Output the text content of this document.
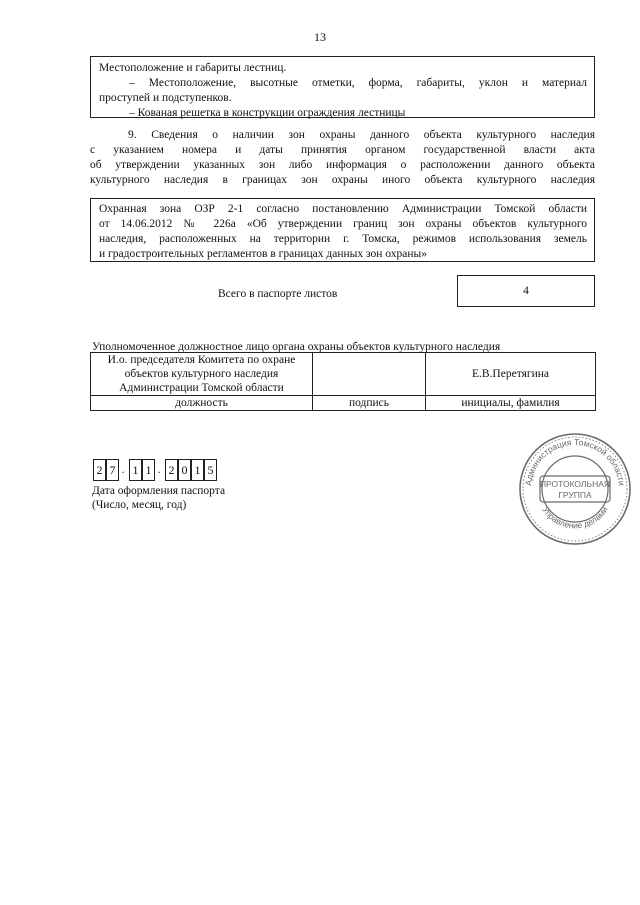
13
Местоположение и габариты лестниц.
– Местоположение, высотные отметки, форма, габариты, уклон и материал
проступей и подступенков.
– Кованая решетка в конструкции ограждения лестницы
9. Сведения о наличии зон охраны данного объекта культурного наследия
с указанием номера и даты принятия органом государственной власти акта
об утверждении указанных зон либо информация о расположении данного объекта
культурного наследия в границах зон охраны иного объекта культурного наследия
Охранная зона ОЗР 2-1 согласно постановлению Администрации Томской области
от 14.06.2012 № 226а «Об утверждении границ зон охраны объектов культурного
наследия, расположенных на территории г. Томска, режимов использования земель
и градостроительных регламентов в границах данных зон охраны»
Всего в паспорте листов	4
Уполномоченное должностное лицо органа охраны объектов культурного наследия
И.о. председателя Комитета по охране
объектов культурного наследия
Администрации Томской области		Е.В.Перетягина
должность	подпись	инициалы, фамилия
2 7 . 1 1 . 2 0 1 5
Дата оформления паспорта
(Число, месяц, год)
Администрация Томской области
Управление делами
ПРОТОКОЛЬНАЯ
ГРУППА
